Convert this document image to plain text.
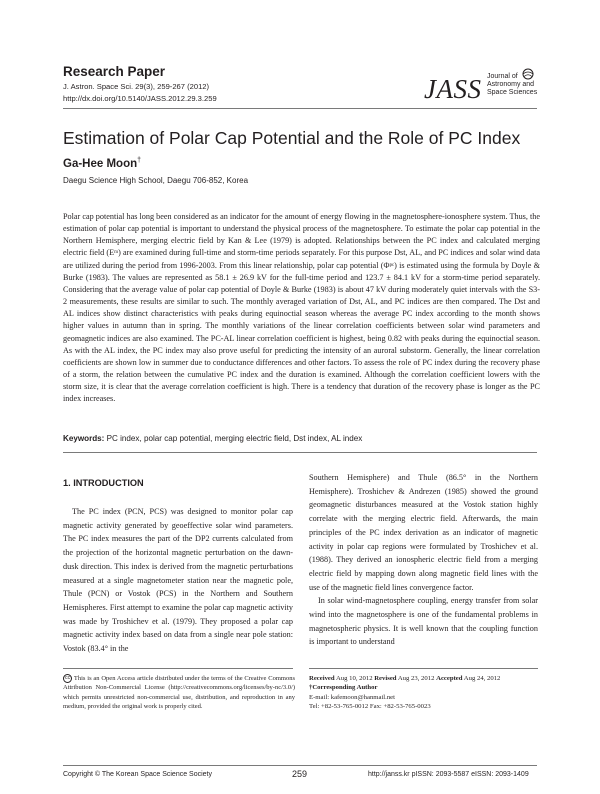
Research Paper
J. Astron. Space Sci. 29(3), 259-267 (2012)
http://dx.doi.org/10.5140/JASS.2012.29.3.259	JASS Journal of
Astronomy and
Space Sciences
Estimation of Polar Cap Potential and the Role of PC Index
Ga-Hee Moon†
Daegu Science High School, Daegu 706-852, Korea

Polar cap potential has long been considered as an indicator for the amount of energy flowing in the magnetosphere-ionosphere system. Thus, the estimation of polar cap potential is important to understand the physical process of the magnetosphere. To estimate the polar cap potential in the Northern Hemisphere, merging electric field by Kan & Lee (1979) is adopted. Relationships between the PC index and calculated merging electric field (Eᵐ) are examined during full-time and storm-time periods separately. For this purpose Dst, AL, and PC indices and solar wind data are utilized during the period from 1996-2003. From this linear relationship, polar cap potential (Φᵖᶜ) is estimated using the formula by Doyle & Burke (1983). The values are represented as 58.1 ± 26.9 kV for the full-time period and 123.7 ± 84.1 kV for a storm-time period separately. Considering that the average value of polar cap potential of Doyle & Burke (1983) is about 47 kV during moderately quiet intervals with the S3-2 measurements, these results are similar to such. The monthly averaged variation of Dst, AL, and PC indices are then compared. The Dst and AL indices show distinct characteristics with peaks during equinoctial season whereas the average PC index according to the month shows higher values in autumn than in spring. The monthly variations of the linear correlation coefficients between solar wind parameters and geomagnetic indices are also examined. The PC-AL linear correlation coefficient is highest, being 0.82 with peaks during the equinoctial season. As with the AL index, the PC index may also prove useful for predicting the intensity of an auroral substorm. Generally, the linear correlation coefficients are shown low in summer due to conductance differences and other factors. To assess the role of PC index during the recovery phase of a storm, the relation between the cumulative PC index and the duration is examined. Although the correlation coefficient lowers with the storm size, it is clear that the average correlation coefficient is high. There is a tendency that duration of the recovery phase is longer as the PC index increases.

Keywords: PC index, polar cap potential, merging electric field, Dst index, AL index
1. INTRODUCTION

The PC index (PCN, PCS) was designed to monitor polar cap magnetic activity generated by geoeffective solar wind parameters. The PC index measures the part of the DP2 currents calculated from the projection of the horizontal magnetic perturbation on the dawn-dusk direction. This index is derived from the magnetic perturbations measured at a single magnetometer station near the magnetic pole, Thule (PCN) or Vostok (PCS) in the Northern and Southern Hemispheres. First attempt to examine the polar cap magnetic activity was made by Troshichev et al. (1979). They proposed a polar cap magnetic activity index based on data from a single near pole station: Vostok (83.4° in the

Southern Hemisphere) and Thule (86.5° in the Northern Hemisphere). Troshichev & Andrezen (1985) showed the ground geomagnetic disturbances measured at the Vostok station highly correlate with the merging electric field. Afterwards, the main principles of the PC index derivation as an indicator of magnetic activity in polar cap regions were formulated by Troshichev et al. (1988). They derived an ionospheric electric field from a merging electric field by mapping down along magnetic field lines with the use of the magnetic field lines convergence factor.

In solar wind-magnetosphere coupling, energy transfer from solar wind into the magnetosphere is one of the fundamental problems in magnetospheric physics. It is well known that the coupling function is important to understand

cc This is an Open Access article distributed under the terms of the Creative Commons Attribution Non-Commercial License (http://creativecommons.org/licenses/by-nc/3.0/) which permits unrestricted non-commercial use, distribution, and reproduction in any medium, provided the original work is properly cited.

Received Aug 10, 2012 Revised Aug 23, 2012 Accepted Aug 24, 2012
†Corresponding Author
E-mail: kafemoon@hanmail.net
Tel: +82-53-765-0012 Fax: +82-53-765-0023
Copyright © The Korean Space Science Society	259	http://janss.kr pISSN: 2093-5587 eISSN: 2093-1409
